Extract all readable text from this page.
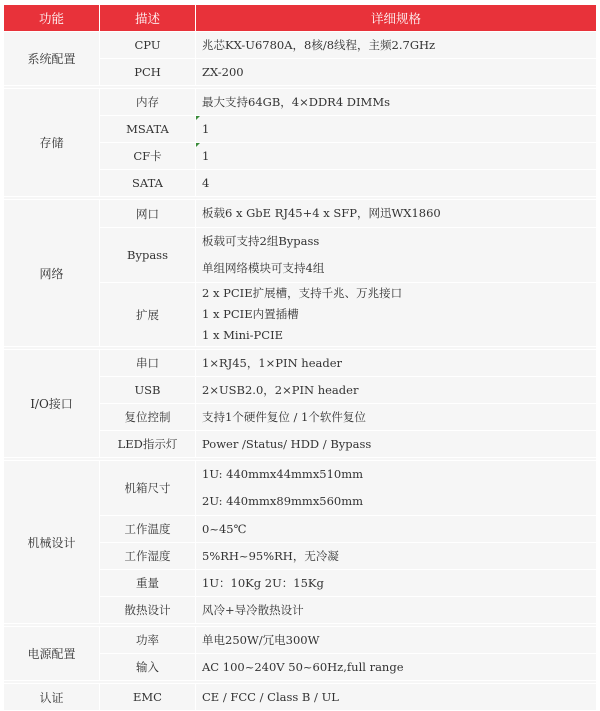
功能	描述	详细规格
系统配置	CPU	兆芯KX-U6780A，8核/8线程，主频2.7GHz
	PCH	ZX-200

存储	内存	最大支持64GB，4×DDR4 DIMMs
	MSATA	1
	CF卡	1
	SATA	4

网络	网口	板载6 x GbE RJ45+4 x SFP，网迅WX1860

	Bypass	板载可支持2组Bypass
单组网络模块可支持4组

	扩展	2 x PCIE扩展槽，支持千兆、万兆接口
1 x PCIE内置插槽
1 x Mini-PCIE

I/O接口	串口	1×RJ45，1×PIN header
	USB	2×USB2.0，2×PIN header
	复位控制	支持1个硬件复位 / 1个软件复位
	LED指示灯	Power /Status/ HDD / Bypass

机械设计	机箱尺寸	1U: 440mmx44mmx510mm
2U: 440mmx89mmx560mm

	工作温度	0~45℃
	工作湿度	5%RH~95%RH，无冷凝
	重量	1U：10Kg 2U：15Kg
	散热设计	风冷+导冷散热设计

电源配置	功率	单电250W/冗电300W
	输入	AC 100~240V 50~60Hz,full range

认证	EMC	CE / FCC / Class B / UL
